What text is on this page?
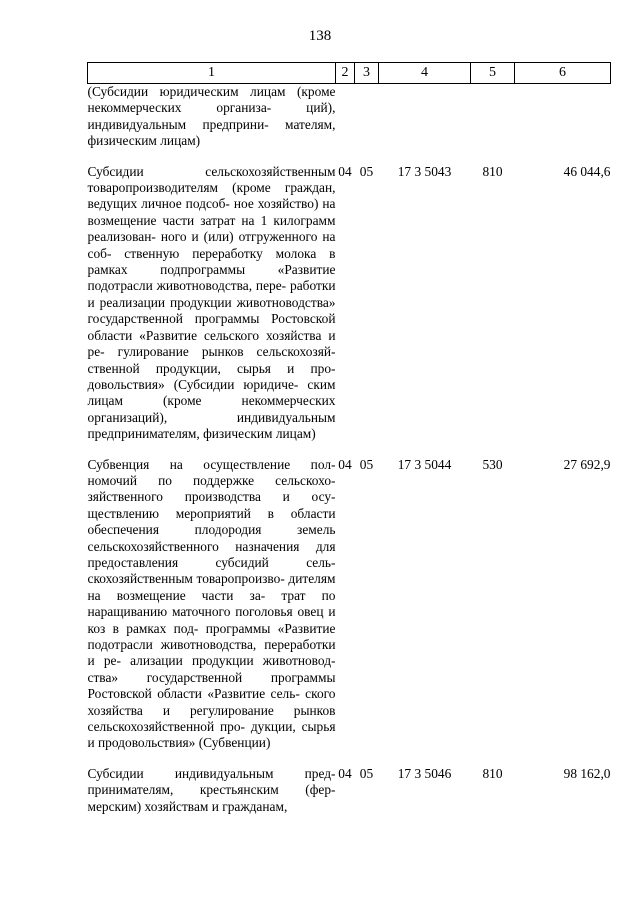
138
1	2	3	4	5	6
(Субсидии юридическим лицам (кроме некоммерческих организа- ций), индивидуальным предприни- мателям, физическим лицам)					

Субсидии сельскохозяйственным товаропроизводителям (кроме граждан, ведущих личное подсоб- ное хозяйство) на возмещение части затрат на 1 килограмм реализован- ного и (или) отгруженного на соб- ственную переработку молока в рамках подпрограммы «Развитие подотрасли животноводства, пере- работки и реализации продукции животноводства» государственной программы Ростовской области «Развитие сельского хозяйства и ре- гулирование рынков сельскохозяй- ственной продукции, сырья и про- довольствия» (Субсидии юридиче- ским лицам (кроме некоммерческих организаций), индивидуальным предпринимателям, физическим лицам)	04	05	17 3 5043	810	46 044,6

Субвенция на осуществление пол- номочий по поддержке сельскохо- зяйственного производства и осу- ществлению мероприятий в области обеспечения плодородия земель сельскохозяйственного назначения для предоставления субсидий сель- скохозяйственным товаропроизво- дителям на возмещение части за- трат по наращиванию маточного поголовья овец и коз в рамках под- программы «Развитие подотрасли животноводства, переработки и ре- ализации продукции животновод- ства» государственной программы Ростовской области «Развитие сель- ского хозяйства и регулирование рынков сельскохозяйственной про- дукции, сырья и продовольствия» (Субвенции)	04	05	17 3 5044	530	27 692,9

Субсидии индивидуальным пред- принимателям, крестьянским (фер- мерским) хозяйствам и гражданам,	04	05	17 3 5046	810	98 162,0
